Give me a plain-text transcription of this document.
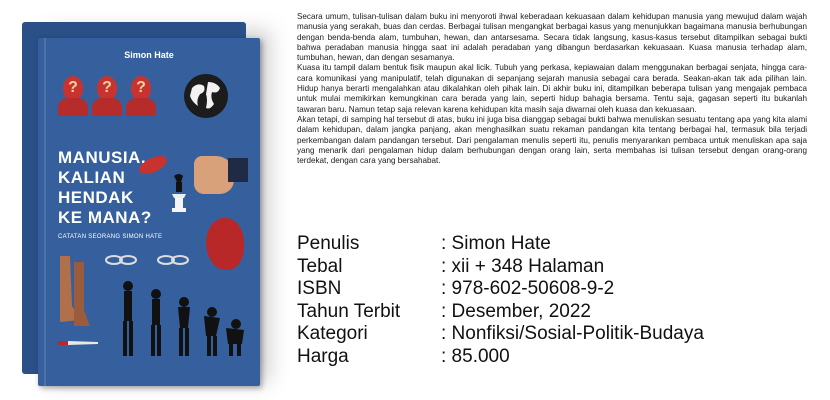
Simon Hate
?	?	?
MANUSIA,
KALIAN
HENDAK
KE MANA?
CATATAN SEORANG SIMON HATE

Secara umum, tulisan-tulisan dalam buku ini menyoroti ihwal keberadaan kekuasaan dalam kehidupan manusia yang mewujud dalam wajah manusia yang serakah, buas dan cerdas. Berbagai tulisan mengangkat berbagai kasus yang menunjukkan bagaimana manusia berhubungan dengan benda-benda alam, tumbuhan, hewan, dan antarsesama. Secara tidak langsung, kasus-kasus tersebut ditampilkan sebagai bukti bahwa peradaban manusia hingga saat ini adalah peradaban yang dibangun berdasarkan kekuasaan. Kuasa manusia terhadap alam, tumbuhan, hewan, dan dengan sesamanya.

Kuasa itu tampil dalam bentuk fisik maupun akal licik. Tubuh yang perkasa, kepiawaian dalam menggunakan berbagai senjata, hingga cara-cara komunikasi yang manipulatif, telah digunakan di sepanjang sejarah manusia sebagai cara berada. Seakan-akan tak ada pilihan lain. Hidup hanya berarti mengalahkan atau dikalahkan oleh pihak lain. Di akhir buku ini, ditampilkan beberapa tulisan yang mengajak pembaca untuk mulai memikirkan kemungkinan cara berada yang lain, seperti hidup bahagia bersama. Tentu saja, gagasan seperti itu bukanlah tawaran baru. Namun tetap saja relevan karena kehidupan kita masih saja diwarnai oleh kuasa dan kekuasaan.

Akan tetapi, di samping hal tersebut di atas, buku ini juga bisa dianggap sebagai bukti bahwa menuliskan sesuatu tentang apa yang kita alami dalam kehidupan, dalam jangka panjang, akan menghasilkan suatu rekaman pandangan kita tentang berbagai hal, termasuk bila terjadi perkembangan dalam pandangan tersebut. Dari pengalaman menulis seperti itu, penulis menyarankan pembaca untuk menuliskan apa saja yang menarik dari pengalaman hidup dalam berhubungan dengan orang lain, serta membahas isi tulisan tersebut dengan orang-orang terdekat, dengan cara yang bersahabat.

Penulis	: Simon Hate
Tebal	: xii + 348 Halaman
ISBN	: 978-602-50608-9-2
Tahun Terbit	: Desember, 2022
Kategori	: Nonfiksi/Sosial-Politik-Budaya
Harga	: 85.000
